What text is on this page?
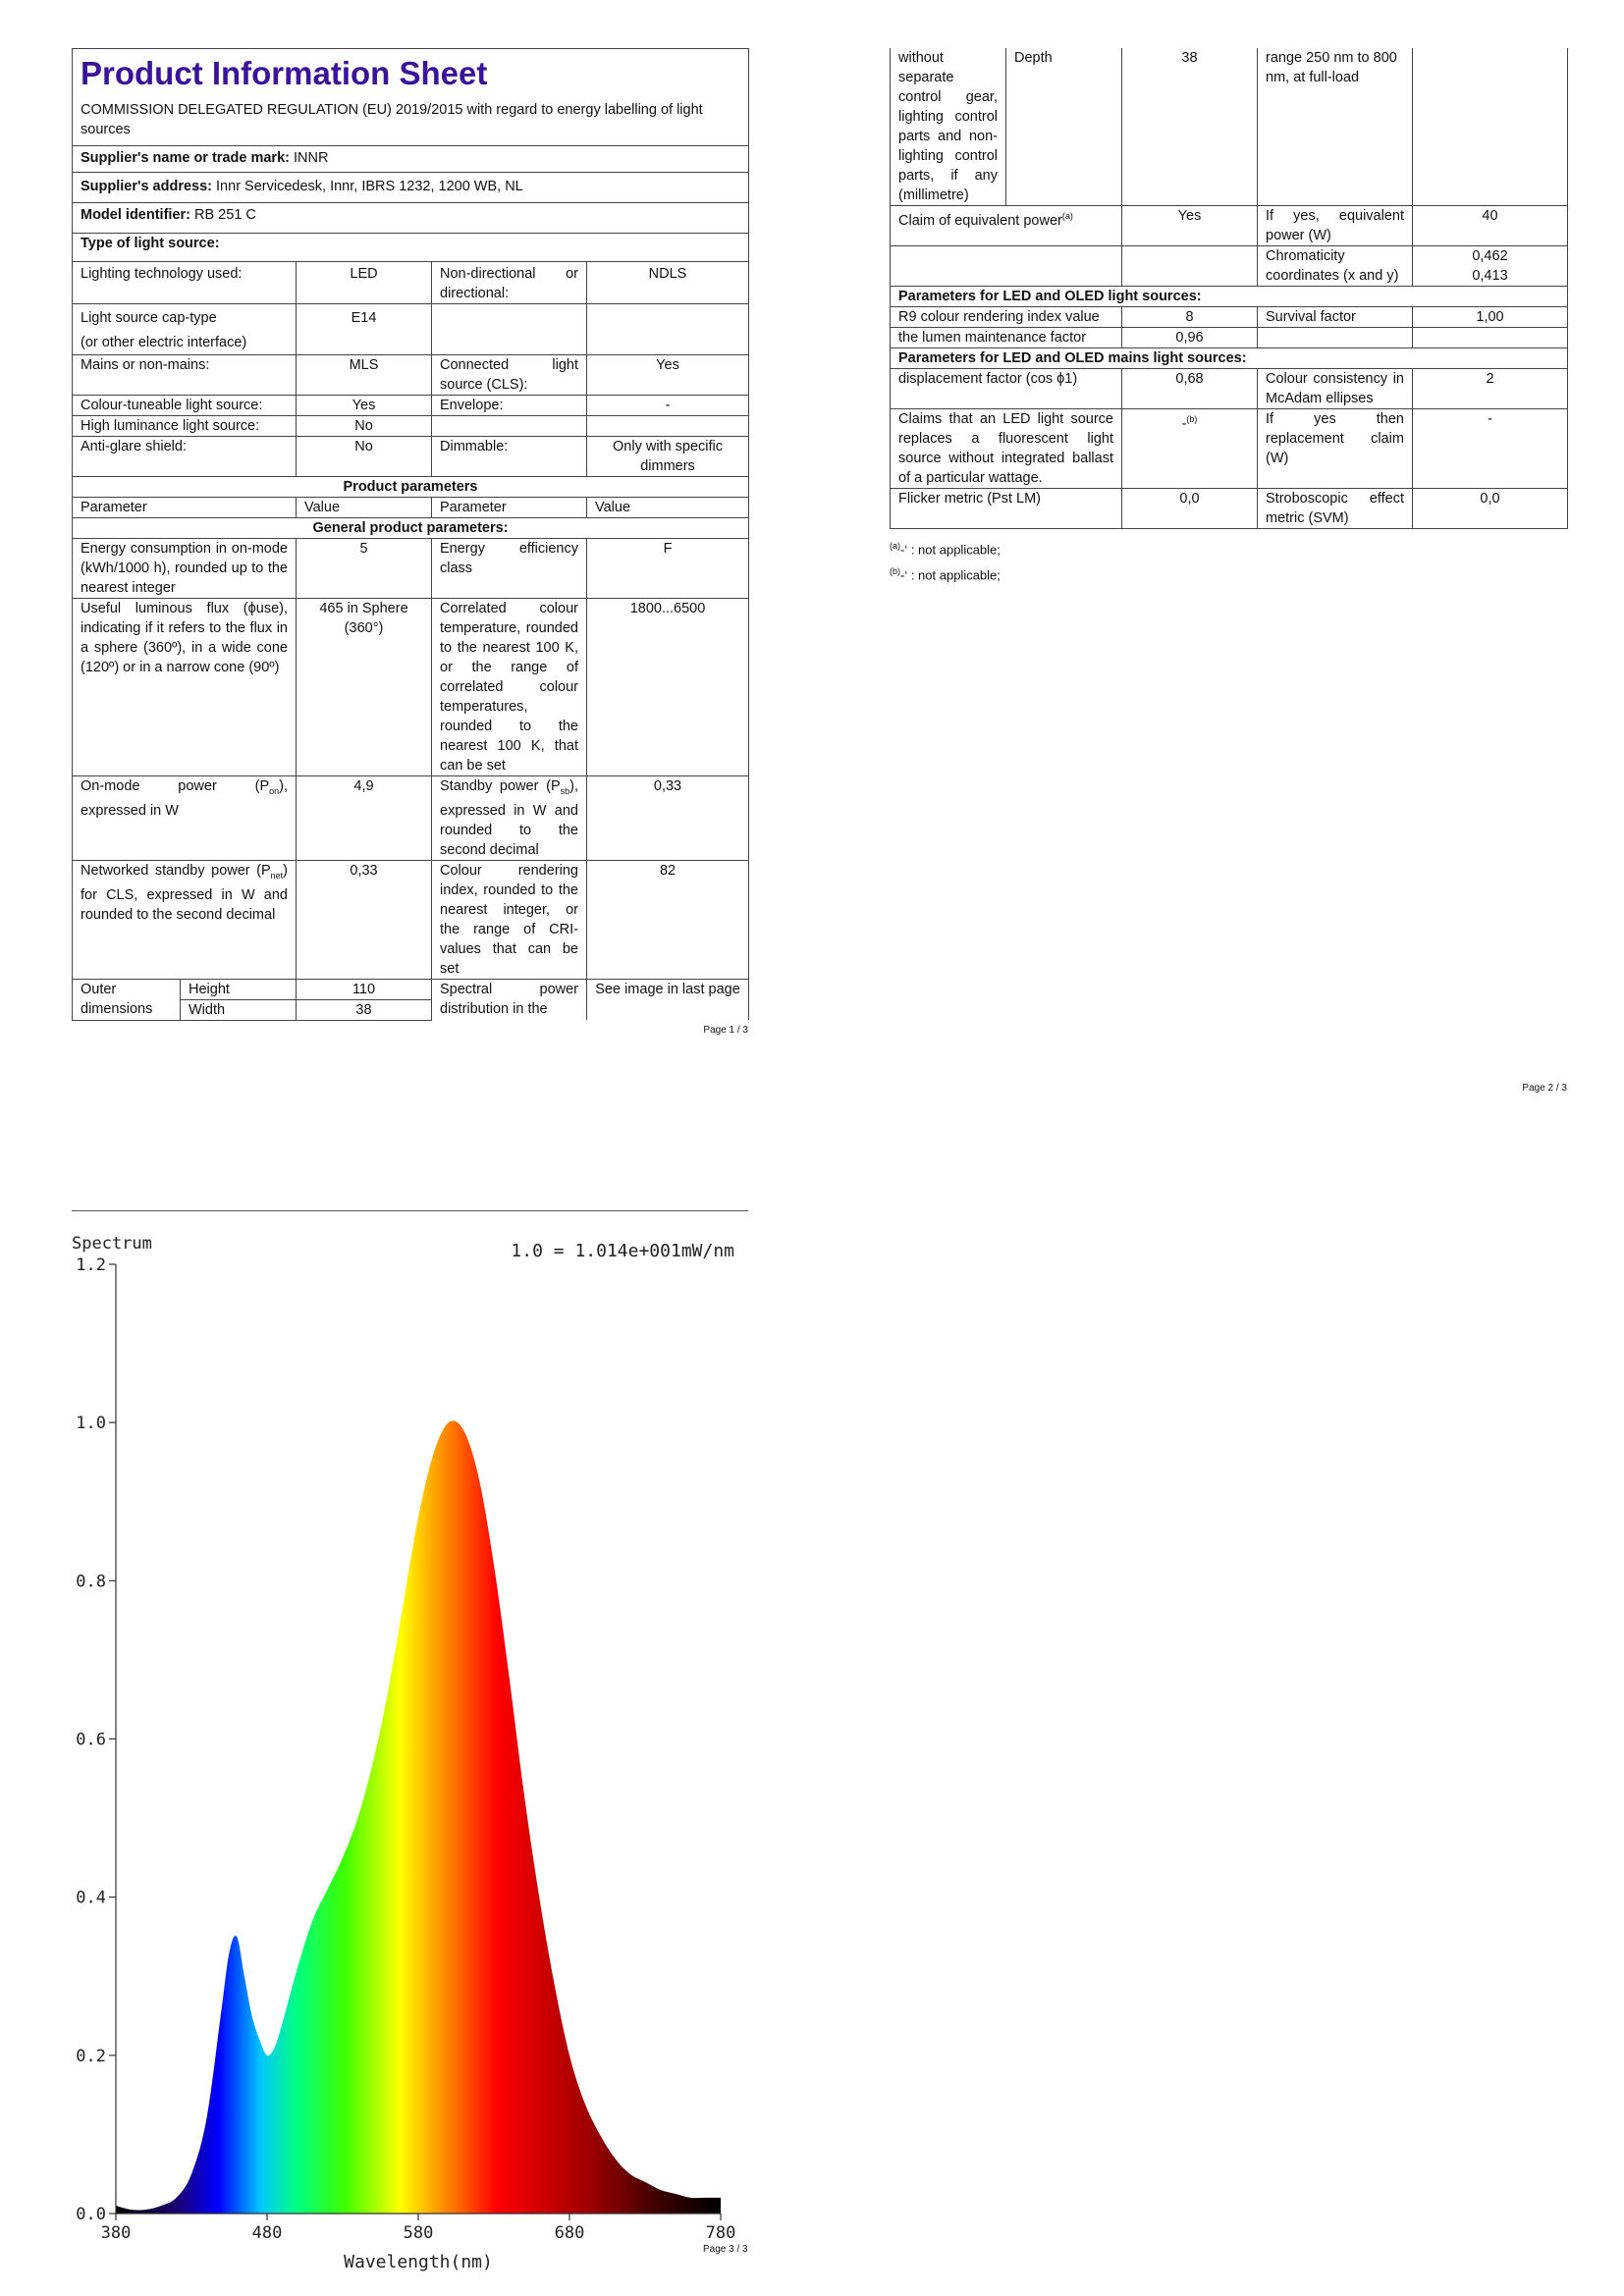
Product Information Sheet
COMMISSION DELEGATED REGULATION (EU) 2019/2015 with regard to energy labelling of light sources				

Supplier's name or trade mark: INNR				
Supplier's address: Innr Servicedesk, Innr, IBRS 1232, 1200 WB, NL				
Model identifier: RB 251 C				
Type of light source:				
Lighting technology used:		LED	Non-directional or directional:	NDLS

Light source cap-type
(or other electric interface)		E14		
Mains or non-mains:		MLS	Connected light source (CLS):	Yes
Colour-tuneable light source:		Yes	Envelope:	-
High luminance light source:		No		
Anti-glare shield:		No	Dimmable:	Only with specific dimmers
Product parameters				
Parameter		Value	Parameter	Value
General product parameters:				
Energy consumption in on-mode (kWh/1000 h), rounded up to the nearest integer		5	Energy efficiency class	F
Useful luminous flux (ϕuse), indicating if it refers to the flux in a sphere (360º), in a wide cone (120º) or in a narrow cone (90º)		465 in Sphere (360°)	Correlated colour temperature, rounded to the nearest 100 K, or the range of correlated colour temperatures, rounded to the nearest 100 K, that can be set	1800...6500
On-mode power $(P_{on})$, expressed in W		4,9	Standby power $(P_{sb})$, expressed in W and rounded to the second decimal	0,33
Networked standby power $(P_{net})$ for CLS, expressed in W and rounded to the second decimal		0,33	Colour rendering index, rounded to the nearest integer, or the range of CRI-values that can be set	82
Outer dimensions	Height	110	Spectral power distribution in the	See image in last page
	Width	38		
Page 1 / 3
without separate control gear, lighting control parts and non-lighting control parts, if any (millimetre)	Depth	38	range 250 nm to 800 nm, at full-load	
Claim of equivalent power$^{(a)}$		Yes	If yes, equivalent power (W)	40
			Chromaticity coordinates (x and y)	0,462
0,413

Parameters for LED and OLED light sources:				
R9 colour rendering index value		8	Survival factor	1,00
the lumen maintenance factor		0,96		
Parameters for LED and OLED mains light sources:				
displacement factor (cos ϕ1)		0,68	Colour consistency in McAdam ellipses	2
Claims that an LED light source replaces a fluorescent light source without integrated ballast of a particular wattage.		-$^{(b)}$	If yes then replacement claim (W)	-
Flicker metric (Pst LM)		0,0	Stroboscopic effect metric (SVM)	0,0
$^{(a)}$-‘ : not applicable;
$^{(b)}$-‘ : not applicable;
Page 2 / 3
0.0
0.2
0.4
0.6
0.8
1.0
1.2
380	480	580	680	780
Spectrum	1.0 = 1.014e+001mW/nm
Wavelength(nm)
Page 3 / 3
